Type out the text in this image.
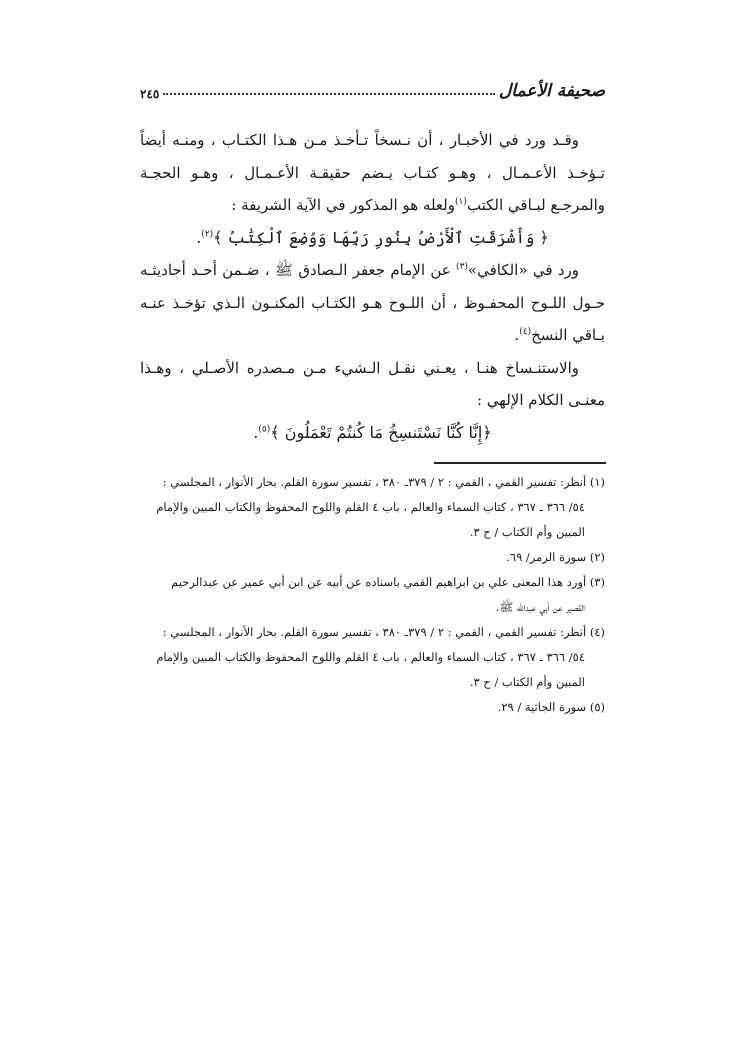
صحيفة الأعمال
٢٤٥

وقـد ورد في الأخبـار ، أن نـسخاً تـأخـذ مـن هـذا الكتـاب ، ومنـه أيضاً تـؤخـذ الأعـمـال ، وهـو كتـاب يـضم حقيقـة الأعـمـال ، وهـو الحجـة والمرجـع لبـاقي الكتب$^{(١)}$ولعله هو المذكور في الآية الشريفة :

﴿ وَأَشْرَقَتِ ٱلْأَرْضُ بِنُورِ رَبِّهَا وَوُضِعَ ٱلْكِتَٰبُ ﴾$^{(٢)}$.

ورد في «الكافي»$^{(٣)}$ عن الإمام جعفر الـصادق ﷺ ، ضـمن أحـد أحاديثـه حـول اللـوح المحفـوظ ، أن اللـوح هـو الكتـاب المكنـون الـذي تؤخـذ عنـه بـاقي النسخ$^{(٤)}$.

والاستنـساخ هنـا ، يعـني نقـل الـشيء مـن مـصدره الأصـلي ، وهـذا معنـى الكلام الإلهي :

﴿إِنَّا كُنَّا نَسْتَنسِخُ مَا كُنتُمْ تَعْمَلُونَ ﴾$^{(٥)}$.

(١) أنظر: تفسير القمي ، القمي : ٢ / ٣٧٩ـ ٣٨٠ ، تفسير سورة القلم. بحار الأنوار ، المجلسي :

٥٤/ ٣٦٦ ـ ٣٦٧ ، كتاب السماء والعالم ، باب ٤ القلم واللوح المحفوظ والكتاب المبين والإمام

المبين وأم الكتاب / ح ٣.

(٢) سورة الزمر/ ٦٩.

(٣) أورد هذا المعنى علي بن ابراهيم القمي باسناده عن أبيه عن ابن أبي عمير عن عبدالرحيم

القصير عن أبي عبدالله ﷺ.

(٤) أنظر: تفسير القمي ، القمي : ٢ / ٣٧٩ـ ٣٨٠ ، تفسير سورة القلم. بحار الأنوار ، المجلسي :

٥٤/ ٣٦٦ ـ ٣٦٧ ، كتاب السماء والعالم ، باب ٤ القلم واللوح المحفوظ والكتاب المبين والإمام

المبين وأم الكتاب / ح ٣.

(٥) سورة الجاثية / ٢٩.
